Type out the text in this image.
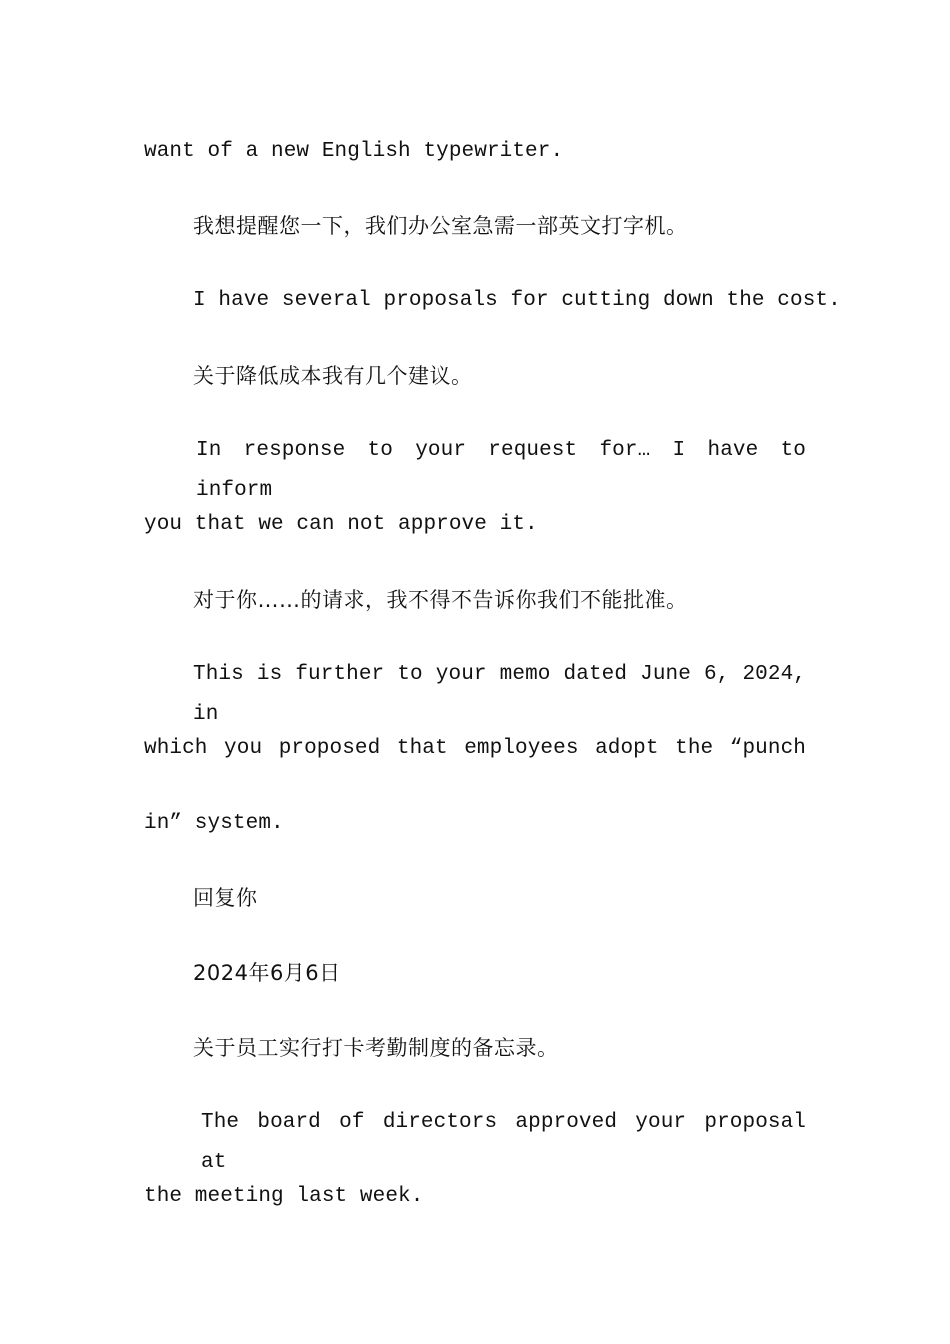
want of a new English typewriter.
我想提醒您一下，我们办公室急需一部英文打字机。
I have several proposals for cutting down the cost.
关于降低成本我有几个建议。
In response to your request for… I have to inform
you that we can not approve it.
对于你……的请求，我不得不告诉你我们不能批准。
This is further to your memo dated June 6, 2024, in
which you proposed that employees adopt the “punch
in” system.
回复你
2024年6月6日
关于员工实行打卡考勤制度的备忘录。
The board of directors approved your proposal at
the meeting last week.
